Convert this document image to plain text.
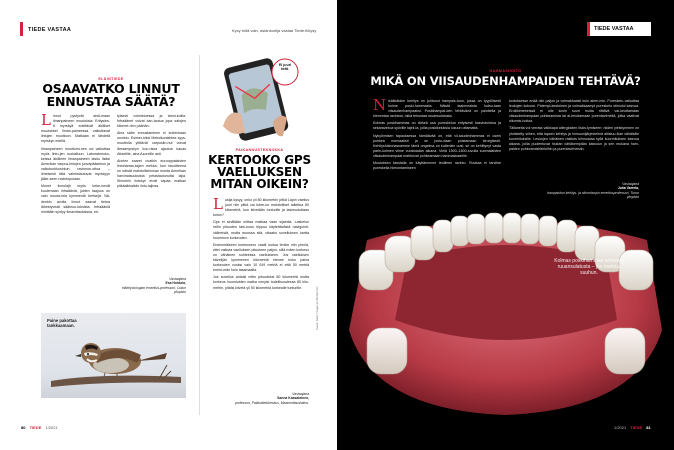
TIEDE VASTAA	Kysy mitä vain, asiantuntija vastaa Tiede.fi/kysy
ELÄINTIEDE
OSAAVATKO LINNUT
ENNUSTAA SÄÄTÄ?

Linnut pystyvät aisti-maan ilmanpaineen muutoksia. Eritysies-ti myrskyä edeltävät äkilliset muutokset ilman-paineessa vaikuttavat lintujen muuttoon. Matkaan ei lähdetä myrskyn edellä.

Ilmanpaineen muuttumi-nen voi vaikuttaa myös lintu-jen ruokailuun. Laboratorioko-keissa äkillinen ilmanpaineen lasku lisäsi Amerikan varpus-lintujen juovapääsirkun ja valkokurkkusirkun ravinnon-ottoa – ilmeisesti tätä valmistautuvat myrskyyn jälke-seen ravintopulaan.

Monet linnulajit myös keke-nevät kuulemaan infraääniä, joiden taajuus on vain muuta-mia kymmeniä hertsejä. Nä-denkin avulla linnut saavat tietoa lähestyvistä säämuu-toksista. Infraääniä nimittäin syntyy ilmavirtauksissa, eri-

tyisesti voimistuessa ja tanni-koilla. Infraäänet voivat kan-tautua jopa satojen kilomet-rien päähän.

Aina sään ennustaminen ei kuitenkaan onnistu. Esimer-kiksi Meksikonlahtea syys-muuttolla ylittävät varpuslin-nut voivat lämsimyrskyn kou-rissa ajautua kauas Atlantille, aina Azoreille asti.

Aiorien saaret ovatkin eurooppalaisten lintuharras-tajien mekka, kun tavoitteena on nähdä mahdollisimman monta Amerikan harvinaisuuksista pelastautunutta lajia. Sinnekin lintukyt eivät vapaa matkan pitkäaikkaisiin lintu-lajinsa.

Vastaajana
Esa Hohtola,
eläinfysiologian emeritus-professori, Oulun yliopisto
Paine pakottaa tankkaamaan.
Ei juuri hetti.
PAIKANNUSTEKNIIKKA
KERTOOKO GPS
VAELLUKSEN
MITAN OIKEIN?

Lukija kysyy, onko yli 80 kilometrin pitkä Lapin vaellus juuri niin pitkä vai tulee-ko mahdolliset tallettua 80 kilometriä, kun kiivetään tunturille ja laskeuduttaan kurun?

Gps ei sinällään mittaa matkaa vaan sijaintia. Laskelun reitin pituuden tark-kuus riippuu käytettävästä navigointi-välineistä, mutta muussa sitä, ottaako sovelluksen kartta huomioon korkeuden.

Ensimmäiseen korkeusero vaatii luotua tenkin niin pieniä, ettei vaikuta vaelluksen pituuteen paljon, sillä mäen korkeus on vähäinen suhteessa vaellukseen. Jos vaelluksen kävelijän kymmenen kilometriä etenee koko paina korkeuden vuoksi vain 10 049 metriä ei että 50 metriä enem-män kuin tasamaalla.

Jos sovellus antaisi reitin pituudeksi 80 kilometriä mutta korkeus huomioiden matka venyisi todellisuudessa 80 kilo-metrin, pitäisi kiivetä yli 50 kilometriä korkealle tunturille.

Vastaajana
Sanna Kaasalainen,
professori, Paikkatietokeskus, Maanmittauslaitos.
Kuvat: Getty Images ja iStockphoto
80 TIEDE 1/2021
TIEDE VASTAA
HAMMASHOITO
MIKÄ ON VIISAUDENHAMPAIDEN TEHTÄVÄ?

Nisäkkäiden kehitys on johtanut hampais-toon, jossa on tyypillisesti kolme poski-hammasta. Näistä taaimmaista kutsu-taan viisaudenhampaaksi. Poskihampai-den tehtävänä on paloitella ja hienontaa ravintoa, mikä tehostaa ruuansulatusta.

Kolmas poskihammas on tärkeä osa pureskelua erityisesti kasviravintoa ja sekaravintoa syöville lajeil-la, joilla poskikeluksia lukuun ottamatta.

Nykyihmisen tapauksessa hämäävää on, että vii-saudenhammas ei usein puhkea normaalisti ja se joutu-daan poistamaan kirurgisesti. Kehityshistoriassamme tämä ongelma on kuitenkin uusi: se on kehittynyt vasta parin-kolmen viime vuosisadan aikana. Vielä 1500–1600-luvulla suomalaisten viisaudenhampaat mahtuivat puhkeamaan hammaskaarille.

Muutoksen taustalla on käyttämmme teollinen ravinto. Ruokaa ei tarvitse pureskella hienontamiseen

kortuksesse enää niin paljon ja voimakkaasti kuin aiem-min. Pureskelu vaikuttaa leukojen kokoon. Pidempi-kestoinen ja voimakkaampi pureskelu stimuloi kasvua. Eroliikimetreissä ei olle kovin suuri mutta riittävä vai-keuttamaan viisaudenhampaan puhkeamista tai ai-heuttamaan purentavirheitä, jotka vaativat oikomis-hoitoa.

Tällaneita voi verrata valkkapa allergioiden lisän-tymiseen: niiden yleistyminen on yhdistetty siihen, että lapsen kehitys ja immuunijärjestelmä altistuu liian vähäisille kuormituksille. Leukojen vähäinen rasituts kiinnostaa kyllä kuormituksen kasvua aikana, joilla puolentuvat hiukan vähäkempään kasvuun ja sen mukana ham-paiden puhkeamishäiriöihin ja purentavirheisiin.

Vastaajana
Juha Varrela,
hampaiston kehitys- ja oikomisopin emeritusprofessori, Turun yliopisto
Kolmas poskihammas tehostaa ruuansulatusta – jos mahtuu suuhun.
1/2021 TIEDE 81
